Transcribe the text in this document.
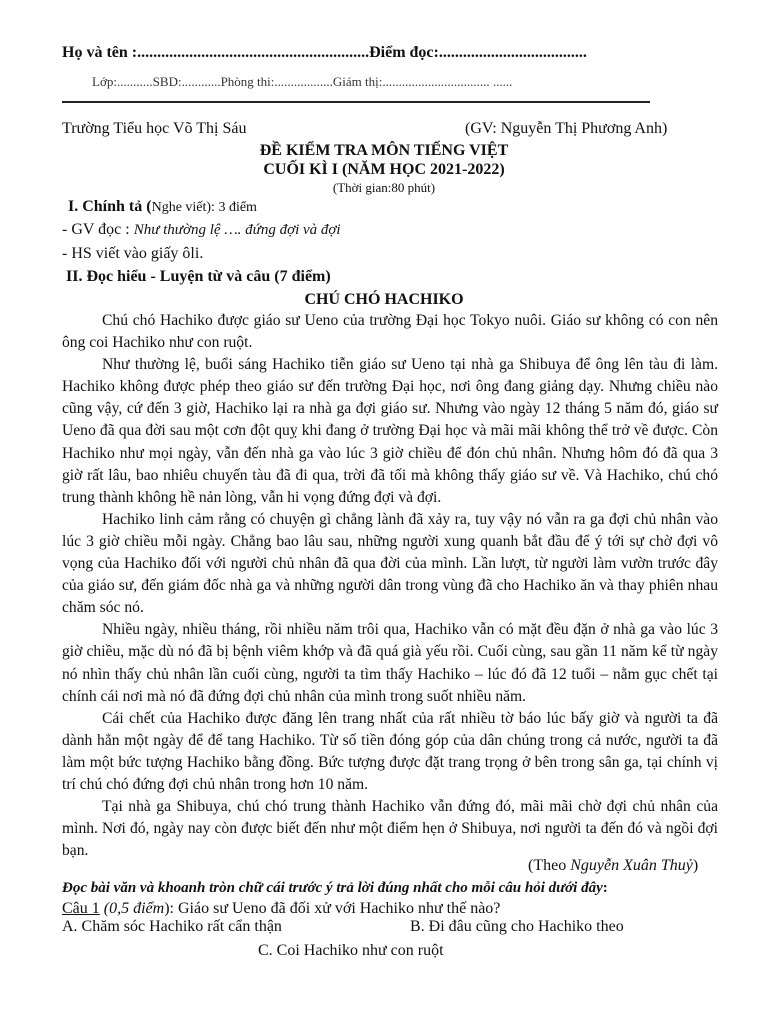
Họ và tên :..........................................................Điểm đọc:.....................................
Lớp:...........SBD:............Phòng thi:..................Giám thị:................................. ......
Trường Tiểu học Võ Thị Sáu	(GV: Nguyễn Thị Phương Anh)
ĐỀ KIỂM TRA MÔN TIẾNG VIỆT
CUỐI KÌ I (NĂM HỌC 2021-2022)
(Thời gian:80 phút)
I. Chính tả (Nghe viết): 3 điểm
- GV đọc : Như thường lệ …. đứng đợi và đợi
- HS viết vào giấy ôli.
II. Đọc hiểu - Luyện từ và câu (7 điểm)
CHÚ CHÓ HACHIKO

Chú chó Hachiko được giáo sư Ueno của trường Đại học Tokyo nuôi. Giáo sư không có con nên ông coi Hachiko như con ruột.

Như thường lệ, buổi sáng Hachiko tiễn giáo sư Ueno tại nhà ga Shibuya để ông lên tàu đi làm. Hachiko không được phép theo giáo sư đến trường Đại học, nơi ông đang giảng dạy. Nhưng chiều nào cũng vậy, cứ đến 3 giờ, Hachiko lại ra nhà ga đợi giáo sư. Nhưng vào ngày 12 tháng 5 năm đó, giáo sư Ueno đã qua đời sau một cơn đột quỵ khi đang ở trường Đại học và mãi mãi không thể trở về được. Còn Hachiko như mọi ngày, vẫn đến nhà ga vào lúc 3 giờ chiều để đón chủ nhân. Nhưng hôm đó đã qua 3 giờ rất lâu, bao nhiêu chuyến tàu đã đi qua, trời đã tối mà không thấy giáo sư về. Và Hachiko, chú chó trung thành không hề nản lòng, vẫn hi vọng đứng đợi và đợi.

Hachiko linh cảm rằng có chuyện gì chẳng lành đã xảy ra, tuy vậy nó vẫn ra ga đợi chủ nhân vào lúc 3 giờ chiều mỗi ngày. Chẳng bao lâu sau, những người xung quanh bắt đầu để ý tới sự chờ đợi vô vọng của Hachiko đối với người chủ nhân đã qua đời của mình. Lần lượt, từ người làm vườn trước đây của giáo sư, đến giám đốc nhà ga và những người dân trong vùng đã cho Hachiko ăn và thay phiên nhau chăm sóc nó.

Nhiều ngày, nhiều tháng, rồi nhiều năm trôi qua, Hachiko vẫn có mặt đều đặn ở nhà ga vào lúc 3 giờ chiều, mặc dù nó đã bị bệnh viêm khớp và đã quá già yếu rồi. Cuối cùng, sau gần 11 năm kể từ ngày nó nhìn thấy chủ nhân lần cuối cùng, người ta tìm thấy Hachiko – lúc đó đã 12 tuổi – nằm gục chết tại chính cái nơi mà nó đã đứng đợi chủ nhân của mình trong suốt nhiều năm.

Cái chết của Hachiko được đăng lên trang nhất của rất nhiều tờ báo lúc bấy giờ và người ta đã dành hẳn một ngày để để tang Hachiko. Từ số tiền đóng góp của dân chúng trong cả nước, người ta đã làm một bức tượng Hachiko bằng đồng. Bức tượng được đặt trang trọng ở bên trong sân ga, tại chính vị trí chú chó đứng đợi chủ nhân trong hơn 10 năm.

Tại nhà ga Shibuya, chú chó trung thành Hachiko vẫn đứng đó, mãi mãi chờ đợi chủ nhân của mình. Nơi đó, ngày nay còn được biết đến như một điểm hẹn ở Shibuya, nơi người ta đến đó và ngồi đợi bạn.

(Theo Nguyễn Xuân Thuỷ)
Đọc bài văn và khoanh tròn chữ cái trước ý trả lời đúng nhất cho mỗi câu hỏi dưới đây:
Câu 1 (0,5 điểm): Giáo sư Ueno đã đối xử với Hachiko như thế nào?
A. Chăm sóc Hachiko rất cẩn thận	B. Đi đâu cũng cho Hachiko theo
C. Coi Hachiko như con ruột
